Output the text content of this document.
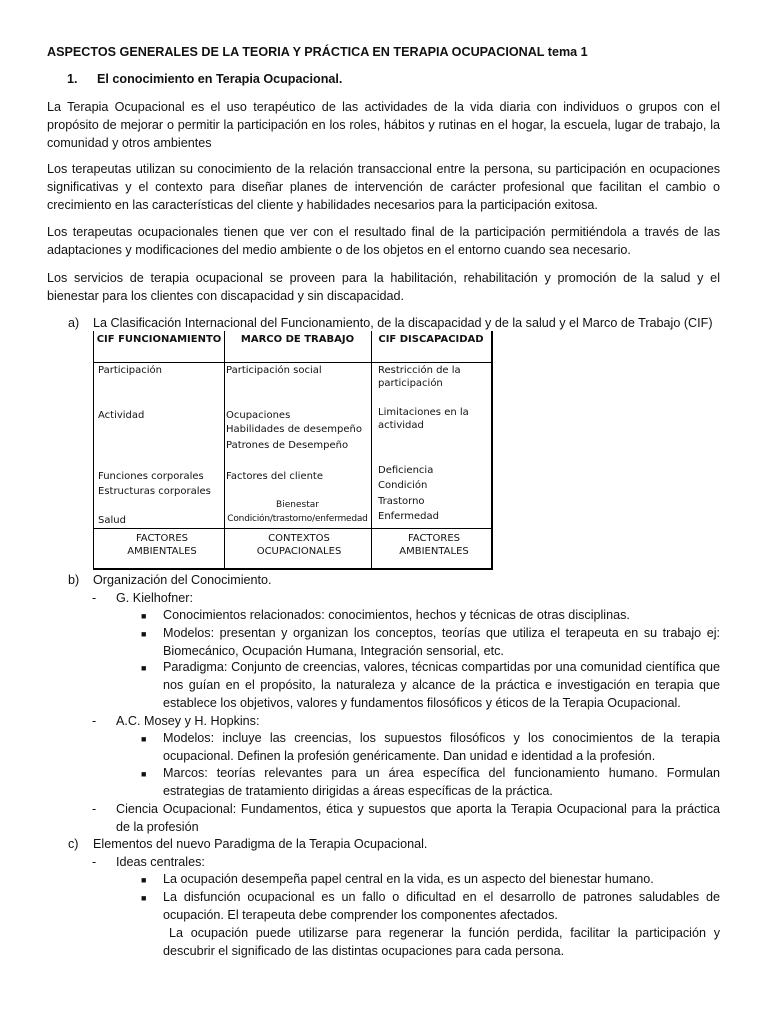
ASPECTOS GENERALES DE LA TEORIA Y PRÁCTICA EN TERAPIA OCUPACIONAL tema 1
1. El conocimiento en Terapia Ocupacional.
La Terapia Ocupacional es el uso terapéutico de las actividades de la vida diaria con individuos o grupos con el propósito de mejorar o permitir la participación en los roles, hábitos y rutinas en el hogar, la escuela, lugar de trabajo, la comunidad y otros ambientes
Los terapeutas utilizan su conocimiento de la relación transaccional entre la persona, su participación en ocupaciones significativas y el contexto para diseñar planes de intervención de carácter profesional que facilitan el cambio o crecimiento en las características del cliente y habilidades necesarios para la participación exitosa.
Los terapeutas ocupacionales tienen que ver con el resultado final de la participación permitiéndola a través de las adaptaciones y modificaciones del medio ambiente o de los objetos en el entorno cuando sea necesario.
Los servicios de terapia ocupacional se proveen para la habilitación, rehabilitación y promoción de la salud y el bienestar para los clientes con discapacidad y sin discapacidad.
a) La Clasificación Internacional del Funcionamiento, de la discapacidad y de la salud y el Marco de Trabajo (CIF)
CIF FUNCIONAMIENTO	MARCO DE TRABAJO	CIF DISCAPACIDAD
Participación
Actividad
Funciones corporales
Estructuras corporales
Salud
Participación social
Ocupaciones
Habilidades de desempeño
Patrones de Desempeño
Factores del cliente
Bienestar
Condición/trastorno/enfermedad
Restricción de la participación
Limitaciones en la actividad
Deficiencia
Condición
Trastorno
Enfermedad
FACTORES AMBIENTALES
CONTEXTOS OCUPACIONALES
FACTORES AMBIENTALES
b) Organización del Conocimiento.
- G. Kielhofner:
■ Conocimientos relacionados: conocimientos, hechos y técnicas de otras disciplinas.
■ Modelos: presentan y organizan los conceptos, teorías que utiliza el terapeuta en su trabajo ej: Biomecánico, Ocupación Humana, Integración sensorial, etc.
■ Paradigma: Conjunto de creencias, valores, técnicas compartidas por una comunidad científica que nos guían en el propósito, la naturaleza y alcance de la práctica e investigación en terapia que establece los objetivos, valores y fundamentos filosóficos y éticos de la Terapia Ocupacional.
- A.C. Mosey y H. Hopkins:
■ Modelos: incluye las creencias, los supuestos filosóficos y los conocimientos de la terapia ocupacional. Definen la profesión genéricamente. Dan unidad e identidad a la profesión.
■ Marcos: teorías relevantes para un área específica del funcionamiento humano. Formulan estrategias de tratamiento dirigidas a áreas específicas de la práctica.
- Ciencia Ocupacional: Fundamentos, ética y supuestos que aporta la Terapia Ocupacional para la práctica de la profesión
c) Elementos del nuevo Paradigma de la Terapia Ocupacional.
- Ideas centrales:
■ La ocupación desempeña papel central en la vida, es un aspecto del bienestar humano.
■ La disfunción ocupacional es un fallo o dificultad en el desarrollo de patrones saludables de ocupación. El terapeuta debe comprender los componentes afectados.
La ocupación puede utilizarse para regenerar la función perdida, facilitar la participación y descubrir el significado de las distintas ocupaciones para cada persona.
